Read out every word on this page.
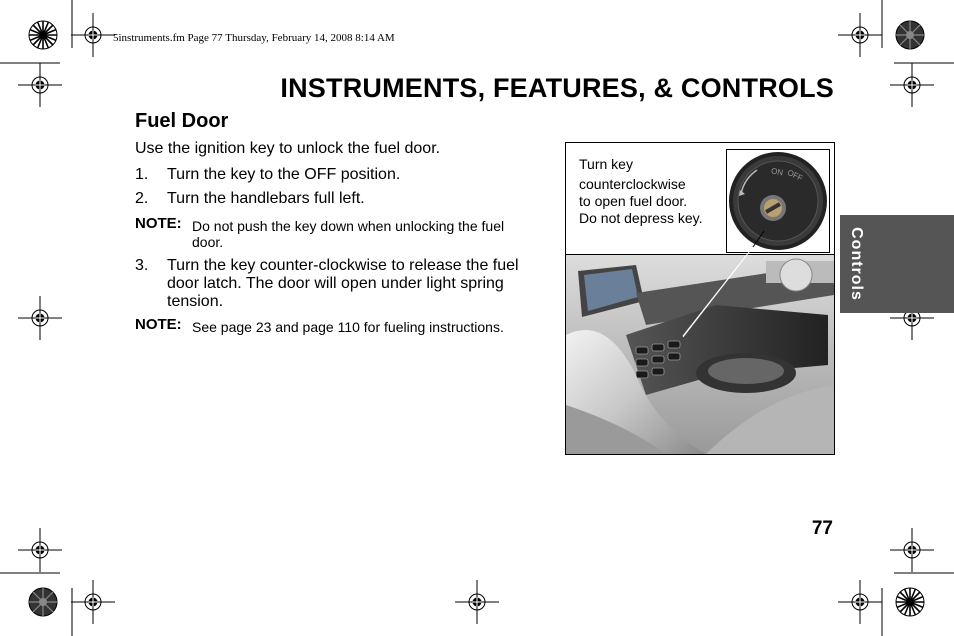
5instruments.fm Page 77 Thursday, February 14, 2008 8:14 AM
INSTRUMENTS, FEATURES, & CONTROLS
Fuel Door
Use the ignition key to unlock the fuel door.
1. Turn the key to the OFF position.
2. Turn the handlebars full left.
NOTE: Do not push the key down when unlocking the fuel
door.
3. Turn the key counter-clockwise to release the fuel
door latch. The door will open under light spring
tension.
NOTE: See page 23 and page 110 for fueling instructions.
Turn key
counterclockwise
to open fuel door.
Do not depress key.
ON OFF
Controls
77
